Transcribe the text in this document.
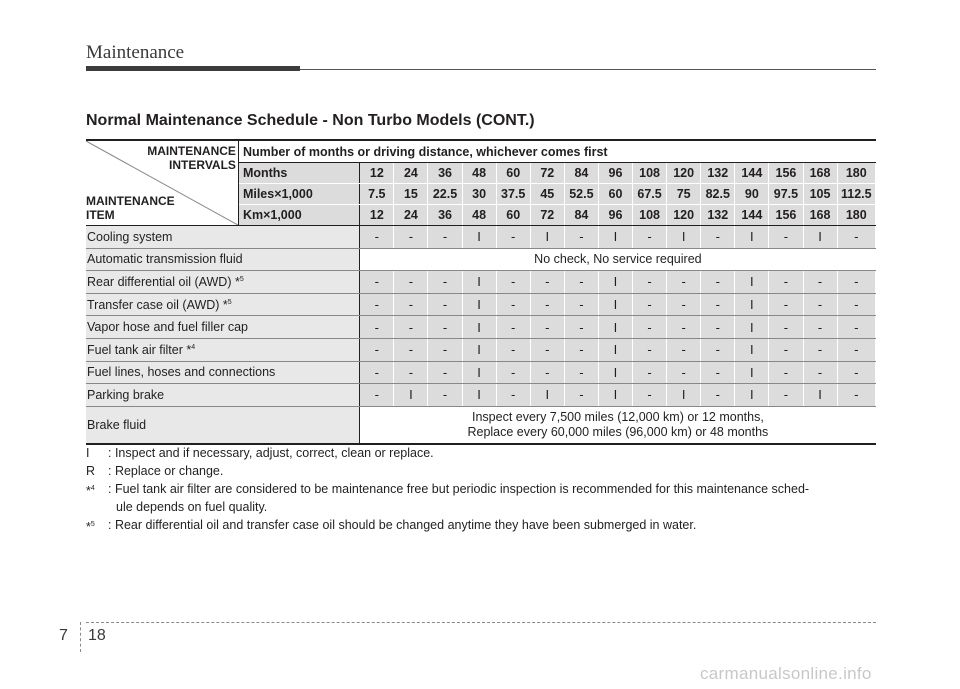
Maintenance
Normal Maintenance Schedule - Non Turbo Models (CONT.)
MAINTENANCE
INTERVALS
MAINTENANCE
ITEM	Number of months or driving distance, whichever comes first															
	Months	12	24	36	48	60	72	84	96	108	120	132	144	156	168	180
	Miles×1,000	7.5	15	22.5	30	37.5	45	52.5	60	67.5	75	82.5	90	97.5	105	112.5
	Km×1,000	12	24	36	48	60	72	84	96	108	120	132	144	156	168	180
Cooling system		-	-	-	I	-	I	-	I	-	I	-	I	-	I	-
Automatic transmission fluid		No check, No service required														
Rear differential oil (AWD) *$^5$		-	-	-	I	-	-	-	I	-	-	-	I	-	-	-
Transfer case oil (AWD) *$^5$		-	-	-	I	-	-	-	I	-	-	-	I	-	-	-
Vapor hose and fuel filler cap		-	-	-	I	-	-	-	I	-	-	-	I	-	-	-
Fuel tank air filter *$^4$		-	-	-	I	-	-	-	I	-	-	-	I	-	-	-
Fuel lines, hoses and connections		-	-	-	I	-	-	-	I	-	-	-	I	-	-	-
Parking brake		-	I	-	I	-	I	-	I	-	I	-	I	-	I	-
Brake fluid		Inspect every 7,500 miles (12,000 km) or 12 months,
Replace every 60,000 miles (96,000 km) or 48 months														
I	: Inspect and if necessary, adjust, correct, clean or replace.
R	: Replace or change.
*$^4$	: Fuel tank air filter are considered to be maintenance free but periodic inspection is recommended for this maintenance sched-
ule depends on fuel quality.
*$^5$	: Rear differential oil and transfer case oil should be changed anytime they have been submerged in water.
7 18
carmanualsonline.info
